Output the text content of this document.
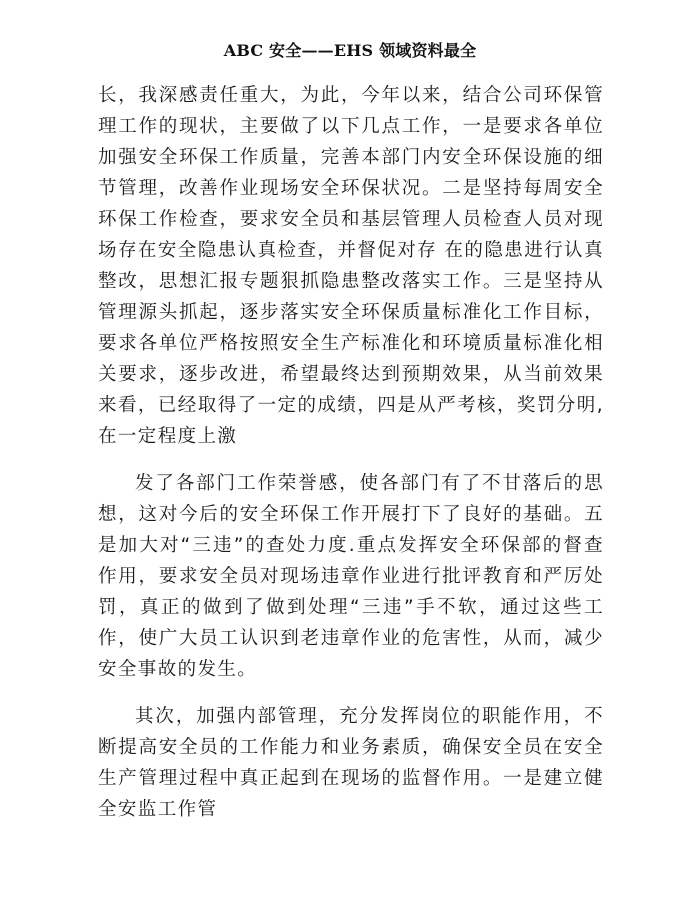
ABC 安全——EHS 领域资料最全

长，我深感责任重大，为此，今年以来，结合公司环保管理工作的现状，主要做了以下几点工作，一是要求各单位加强安全环保工作质量，完善本部门内安全环保设施的细节管理，改善作业现场安全环保状况。二是坚持每周安全环保工作检查，要求安全员和基层管理人员检查人员对现场存在安全隐患认真检查，并督促对存 在的隐患进行认真整改，思想汇报专题狠抓隐患整改落实工作。三是坚持从管理源头抓起，逐步落实安全环保质量标准化工作目标，要求各单位严格按照安全生产标准化和环境质量标准化相关要求，逐步改进，希望最终达到预期效果，从当前效果来看，已经取得了一定的成绩，四是从严考核，奖罚分明,在一定程度上激

发了各部门工作荣誉感，使各部门有了不甘落后的思想，这对今后的安全环保工作开展打下了良好的基础。五是加大对“三违”的查处力度.重点发挥安全环保部的督查作用，要求安全员对现场违章作业进行批评教育和严厉处罚，真正的做到了做到处理“三违”手不软，通过这些工作，使广大员工认识到老违章作业的危害性，从而，减少安全事故的发生。

其次，加强内部管理，充分发挥岗位的职能作用，不断提高安全员的工作能力和业务素质，确保安全员在安全生产管理过程中真正起到在现场的监督作用。一是建立健全安监工作管
